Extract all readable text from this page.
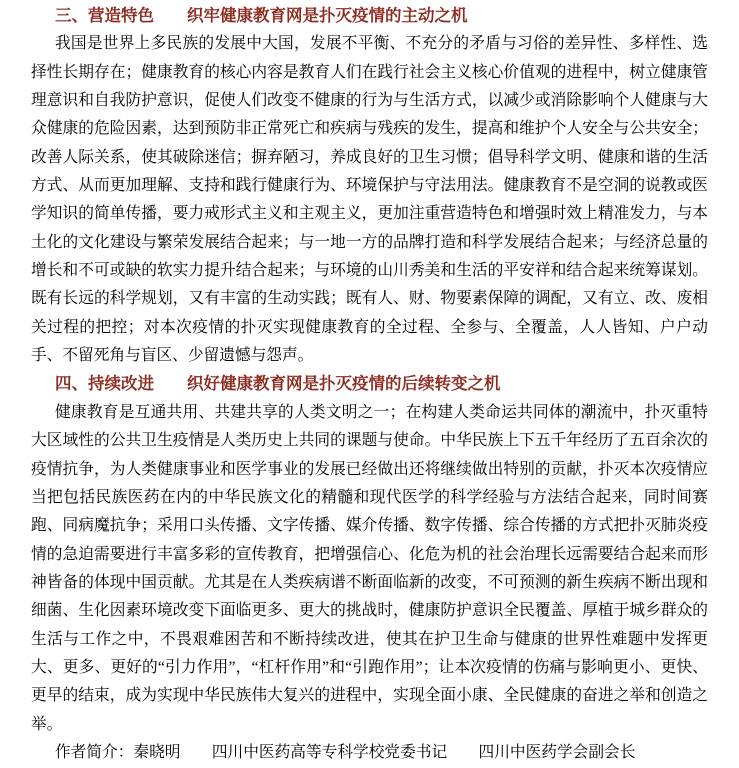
三、营造特色　　织牢健康教育网是扑灭疫情的主动之机

我国是世界上多民族的发展中大国，发展不平衡、不充分的矛盾与习俗的差异性、多样性、选择性长期存在；健康教育的核心内容是教育人们在践行社会主义核心价值观的进程中，树立健康管理意识和自我防护意识，促使人们改变不健康的行为与生活方式，以减少或消除影响个人健康与大众健康的危险因素，达到预防非正常死亡和疾病与残疾的发生，提高和维护个人安全与公共安全；改善人际关系，使其破除迷信；摒弃陋习，养成良好的卫生习惯；倡导科学文明、健康和谐的生活方式、从而更加理解、支持和践行健康行为、环境保护与守法用法。健康教育不是空洞的说教或医学知识的简单传播，要力戒形式主义和主观主义，更加注重营造特色和增强时效上精准发力，与本土化的文化建设与繁荣发展结合起来；与一地一方的品牌打造和科学发展结合起来；与经济总量的增长和不可或缺的软实力提升结合起来；与环境的山川秀美和生活的平安祥和结合起来统筹谋划。既有长远的科学规划，又有丰富的生动实践；既有人、财、物要素保障的调配，又有立、改、废相关过程的把控；对本次疫情的扑灭实现健康教育的全过程、全参与、全覆盖，人人皆知、户户动手、不留死角与盲区、少留遗憾与怨声。

四、持续改进　　织好健康教育网是扑灭疫情的后续转变之机

健康教育是互通共用、共建共享的人类文明之一；在构建人类命运共同体的潮流中，扑灭重特大区域性的公共卫生疫情是人类历史上共同的课题与使命。中华民族上下五千年经历了五百余次的疫情抗争，为人类健康事业和医学事业的发展已经做出还将继续做出特别的贡献，扑灭本次疫情应当把包括民族医药在内的中华民族文化的精髓和现代医学的科学经验与方法结合起来，同时间赛跑、同病魔抗争；采用口头传播、文字传播、媒介传播、数字传播、综合传播的方式把扑灭肺炎疫情的急迫需要进行丰富多彩的宣传教育，把增强信心、化危为机的社会治理长远需要结合起来而形神皆备的体现中国贡献。尤其是在人类疾病谱不断面临新的改变，不可预测的新生疾病不断出现和细菌、生化因素环境改变下面临更多、更大的挑战时，健康防护意识全民覆盖、厚植于城乡群众的生活与工作之中，不畏艰难困苦和不断持续改进，使其在护卫生命与健康的世界性难题中发挥更大、更多、更好的“引力作用”，“杠杆作用”和“引跑作用”；让本次疫情的伤痛与影响更小、更快、更早的结束，成为实现中华民族伟大复兴的进程中，实现全面小康、全民健康的奋进之举和创造之举。

作者简介：秦晓明　　四川中医药高等专科学校党委书记　　四川中医药学会副会长
